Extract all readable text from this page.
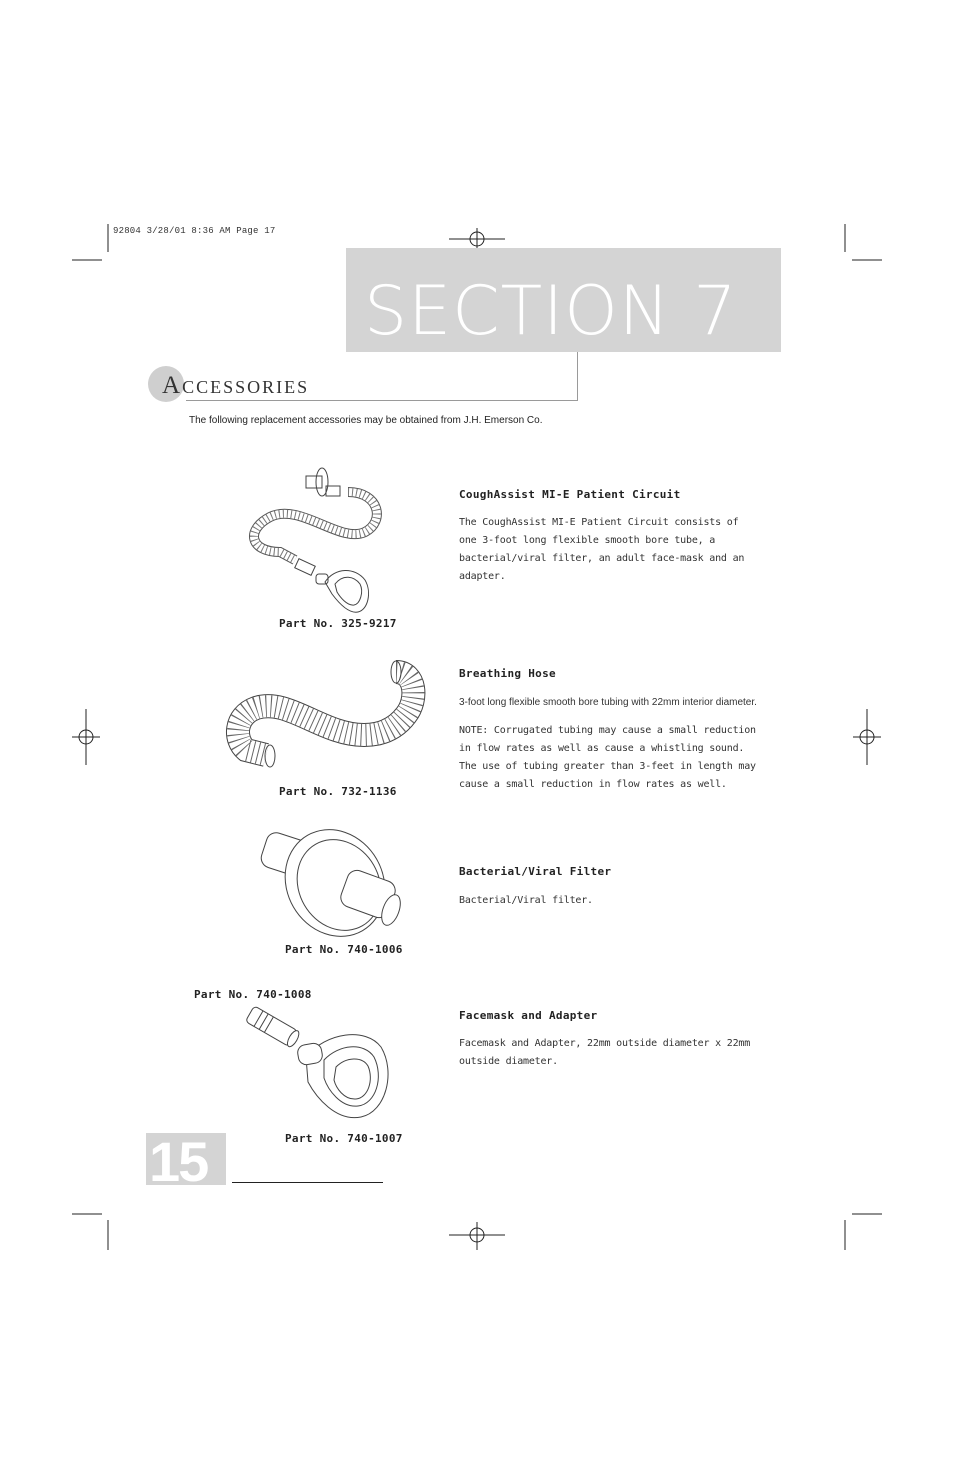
92804 3/28/01 8:36 AM Page 17
SECTION 7
ACCESSORIES
The following replacement accessories may be obtained from J.H. Emerson Co.
Part No. 325-9217
CoughAssist MI-E Patient Circuit
The CoughAssist MI-E Patient Circuit consists of one 3-foot long flexible smooth bore tube, a bacterial/viral filter, an adult face-mask and an adapter.
Part No. 732-1136
Breathing Hose
3-foot long flexible smooth bore tubing with 22mm interior diameter.
NOTE: Corrugated tubing may cause a small reduction in flow rates as well as cause a whistling sound. The use of tubing greater than 3-feet in length may cause a small reduction in flow rates as well.
Part No. 740-1006
Bacterial/Viral Filter
Bacterial/Viral filter.
Part No. 740-1008
Part No. 740-1007
Facemask and Adapter
Facemask and Adapter, 22mm outside diameter x 22mm outside diameter.
15
